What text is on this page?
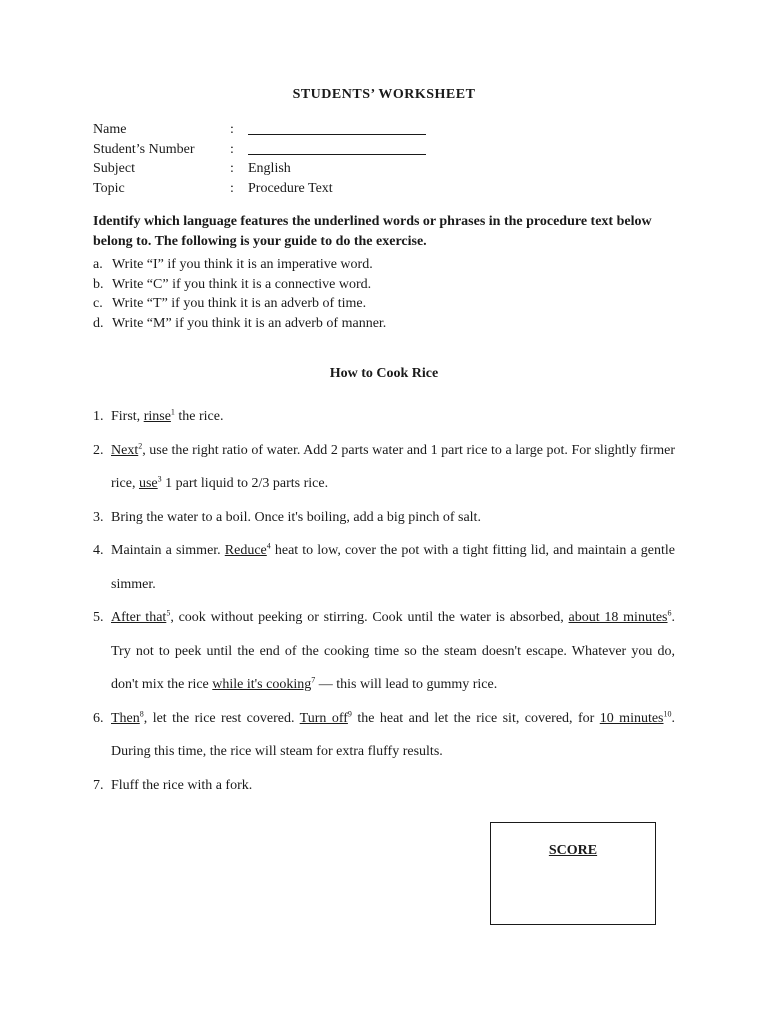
STUDENTS’ WORKSHEET
Name	:
Student’s Number	:
Subject	:	English
Topic	:	Procedure Text
Identify which language features the underlined words or phrases in the procedure text below belong to. The following is your guide to do the exercise.
a. Write “I” if you think it is an imperative word.
b. Write “C” if you think it is a connective word.
c. Write “T” if you think it is an adverb of time.
d. Write “M” if you think it is an adverb of manner.
How to Cook Rice
1. First, rinse$^1$ the rice.
2. Next$^2$, use the right ratio of water. Add 2 parts water and 1 part rice to a large pot. For slightly firmer rice, use$^3$ 1 part liquid to 2/3 parts rice.
3. Bring the water to a boil. Once it's boiling, add a big pinch of salt.
4. Maintain a simmer. Reduce$^4$ heat to low, cover the pot with a tight fitting lid, and maintain a gentle simmer.
5. After that$^5$, cook without peeking or stirring. Cook until the water is absorbed, about 18 minutes$^6$. Try not to peek until the end of the cooking time so the steam doesn't escape. Whatever you do, don't mix the rice while it's cooking$^7$ — this will lead to gummy rice.
6. Then$^8$, let the rice rest covered. Turn off$^9$ the heat and let the rice sit, covered, for 10 minutes$^{10}$. During this time, the rice will steam for extra fluffy results.
7. Fluff the rice with a fork.
SCORE
